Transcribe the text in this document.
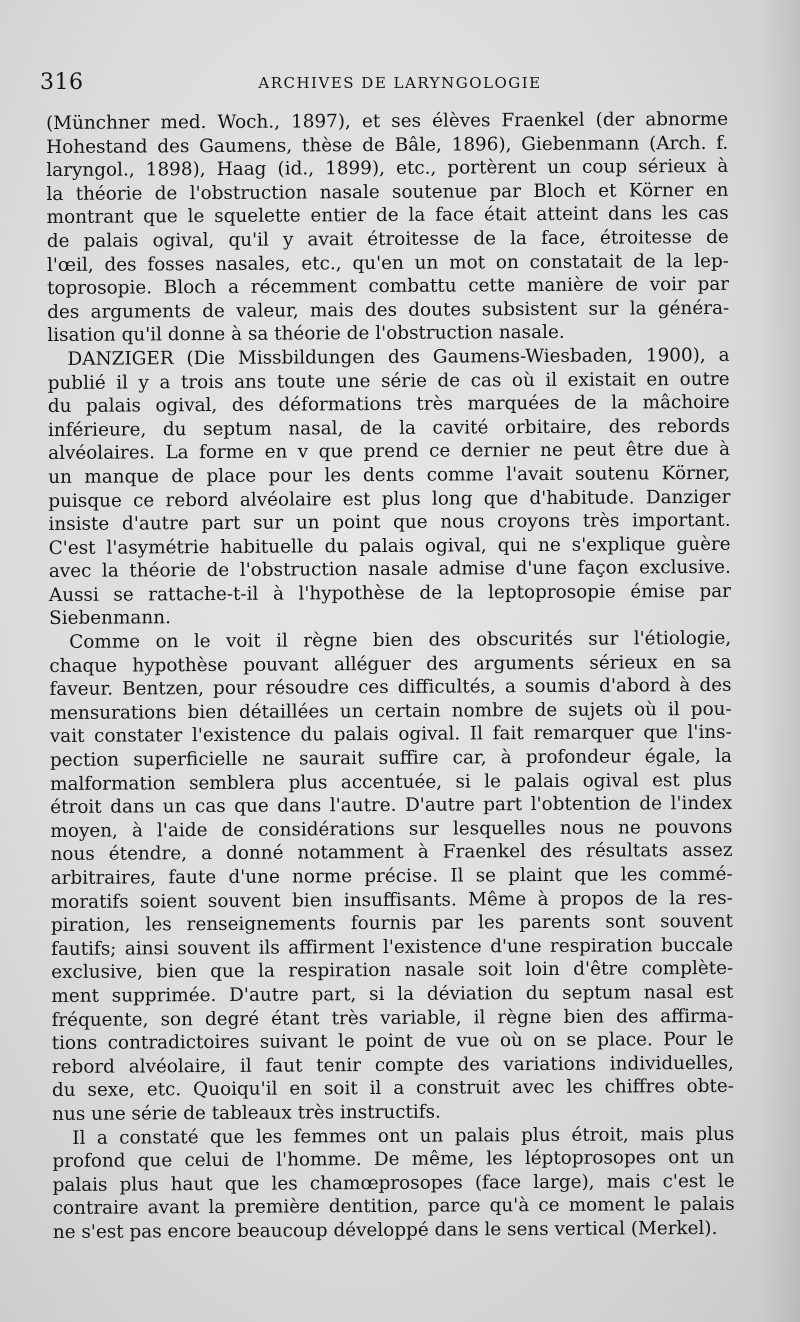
316	ARCHIVES DE LARYNGOLOGIE

(Münchner med. Woch., 1897), et ses élèves Fraenkel (der abnorme
Hohestand des Gaumens, thèse de Bâle, 1896), Giebenmann (Arch. f.
laryngol., 1898), Haag (id., 1899), etc., portèrent un coup sérieux à
la théorie de l'obstruction nasale soutenue par Bloch et Körner en
montrant que le squelette entier de la face était atteint dans les cas
de palais ogival, qu'il y avait étroitesse de la face, étroitesse de
l'œil, des fosses nasales, etc., qu'en un mot on constatait de la lep-
toprosopie. Bloch a récemment combattu cette manière de voir par
des arguments de valeur, mais des doutes subsistent sur la généra-
lisation qu'il donne à sa théorie de l'obstruction nasale.

DANZIGER (Die Missbildungen des Gaumens-Wiesbaden, 1900), a
publié il y a trois ans toute une série de cas où il existait en outre
du palais ogival, des déformations très marquées de la mâchoire
inférieure, du septum nasal, de la cavité orbitaire, des rebords
alvéolaires. La forme en v que prend ce dernier ne peut être due à
un manque de place pour les dents comme l'avait soutenu Körner,
puisque ce rebord alvéolaire est plus long que d'habitude. Danziger
insiste d'autre part sur un point que nous croyons très important.
C'est l'asymétrie habituelle du palais ogival, qui ne s'explique guère
avec la théorie de l'obstruction nasale admise d'une façon exclusive.
Aussi se rattache-t-il à l'hypothèse de la leptoprosopie émise par
Siebenmann.

Comme on le voit il règne bien des obscurités sur l'étiologie,
chaque hypothèse pouvant alléguer des arguments sérieux en sa
faveur. Bentzen, pour résoudre ces difficultés, a soumis d'abord à des
mensurations bien détaillées un certain nombre de sujets où il pou-
vait constater l'existence du palais ogival. Il fait remarquer que l'ins-
pection superficielle ne saurait suffire car, à profondeur égale, la
malformation semblera plus accentuée, si le palais ogival est plus
étroit dans un cas que dans l'autre. D'autre part l'obtention de l'index
moyen, à l'aide de considérations sur lesquelles nous ne pouvons
nous étendre, a donné notamment à Fraenkel des résultats assez
arbitraires, faute d'une norme précise. Il se plaint que les commé-
moratifs soient souvent bien insuffisants. Même à propos de la res-
piration, les renseignements fournis par les parents sont souvent
fautifs; ainsi souvent ils affirment l'existence d'une respiration buccale
exclusive, bien que la respiration nasale soit loin d'être complète-
ment supprimée. D'autre part, si la déviation du septum nasal est
fréquente, son degré étant très variable, il règne bien des affirma-
tions contradictoires suivant le point de vue où on se place. Pour le
rebord alvéolaire, il faut tenir compte des variations individuelles,
du sexe, etc. Quoiqu'il en soit il a construit avec les chiffres obte-
nus une série de tableaux très instructifs.

Il a constaté que les femmes ont un palais plus étroit, mais plus
profond que celui de l'homme. De même, les léptoprosopes ont un
palais plus haut que les chamœprosopes (face large), mais c'est le
contraire avant la première dentition, parce qu'à ce moment le palais
ne s'est pas encore beaucoup développé dans le sens vertical (Merkel).
